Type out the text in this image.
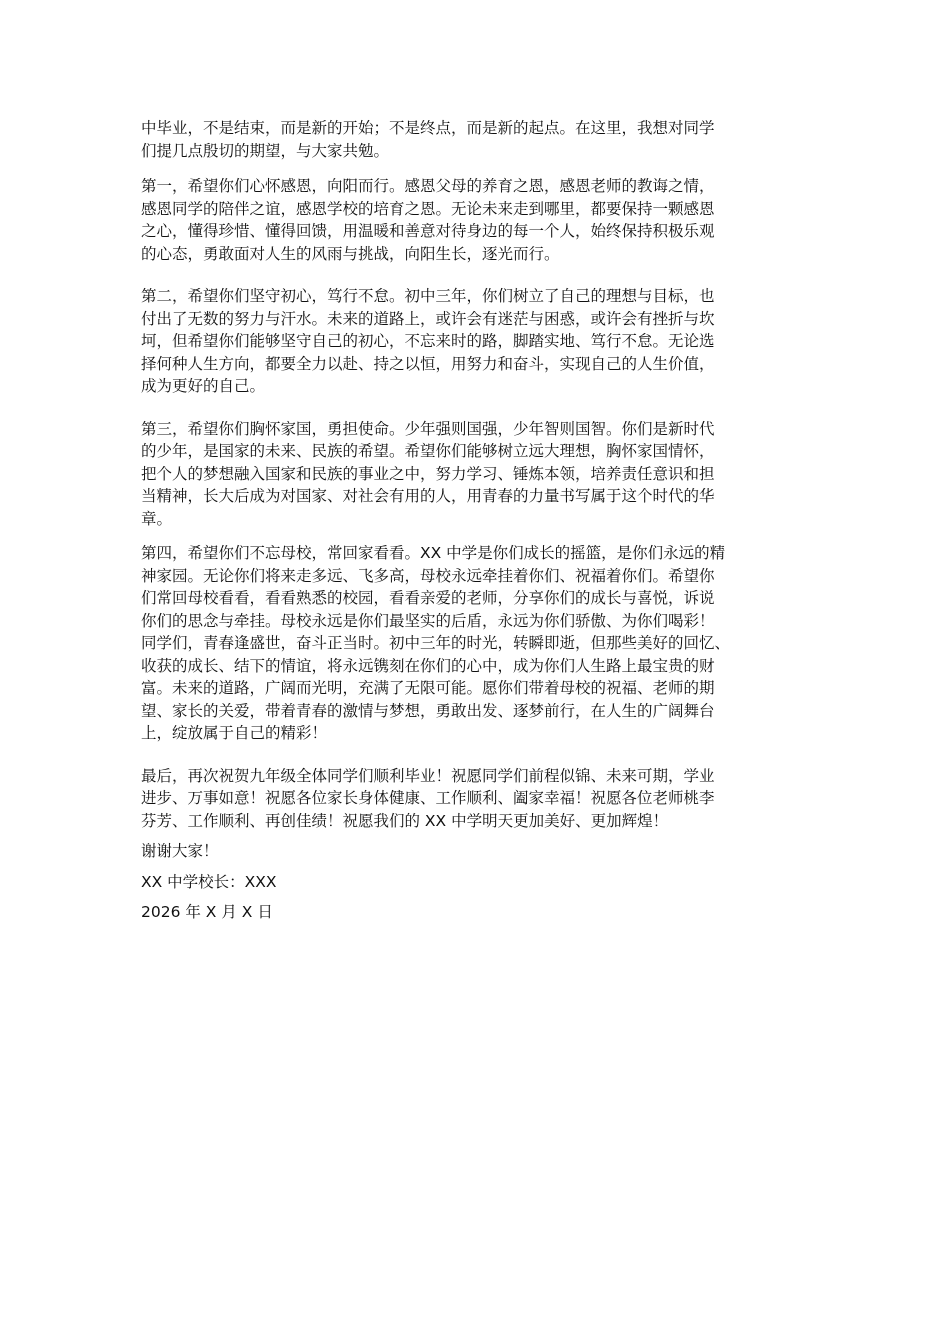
中毕业，不是结束，而是新的开始；不是终点，而是新的起点。在这里，我想对同学
们提几点殷切的期望，与大家共勉。

第一，希望你们心怀感恩，向阳而行。感恩父母的养育之恩，感恩老师的教诲之情，
感恩同学的陪伴之谊，感恩学校的培育之恩。无论未来走到哪里，都要保持一颗感恩
之心，懂得珍惜、懂得回馈，用温暖和善意对待身边的每一个人，始终保持积极乐观
的心态，勇敢面对人生的风雨与挑战，向阳生长，逐光而行。

第二，希望你们坚守初心，笃行不怠。初中三年，你们树立了自己的理想与目标，也
付出了无数的努力与汗水。未来的道路上，或许会有迷茫与困惑，或许会有挫折与坎
坷，但希望你们能够坚守自己的初心，不忘来时的路，脚踏实地、笃行不怠。无论选
择何种人生方向，都要全力以赴、持之以恒，用努力和奋斗，实现自己的人生价值，
成为更好的自己。

第三，希望你们胸怀家国，勇担使命。少年强则国强，少年智则国智。你们是新时代
的少年，是国家的未来、民族的希望。希望你们能够树立远大理想，胸怀家国情怀，
把个人的梦想融入国家和民族的事业之中，努力学习、锤炼本领，培养责任意识和担
当精神，长大后成为对国家、对社会有用的人，用青春的力量书写属于这个时代的华
章。

第四，希望你们不忘母校，常回家看看。XX 中学是你们成长的摇篮，是你们永远的精
神家园。无论你们将来走多远、飞多高，母校永远牵挂着你们、祝福着你们。希望你
们常回母校看看，看看熟悉的校园，看看亲爱的老师，分享你们的成长与喜悦，诉说
你们的思念与牵挂。母校永远是你们最坚实的后盾，永远为你们骄傲、为你们喝彩！

同学们，青春逢盛世，奋斗正当时。初中三年的时光，转瞬即逝，但那些美好的回忆、
收获的成长、结下的情谊，将永远镌刻在你们的心中，成为你们人生路上最宝贵的财
富。未来的道路，广阔而光明，充满了无限可能。愿你们带着母校的祝福、老师的期
望、家长的关爱，带着青春的激情与梦想，勇敢出发、逐梦前行，在人生的广阔舞台
上，绽放属于自己的精彩！

最后，再次祝贺九年级全体同学们顺利毕业！祝愿同学们前程似锦、未来可期，学业
进步、万事如意！祝愿各位家长身体健康、工作顺利、阖家幸福！祝愿各位老师桃李
芬芳、工作顺利、再创佳绩！祝愿我们的 XX 中学明天更加美好、更加辉煌！

谢谢大家！

XX 中学校长：XXX

2026 年 X 月 X 日
